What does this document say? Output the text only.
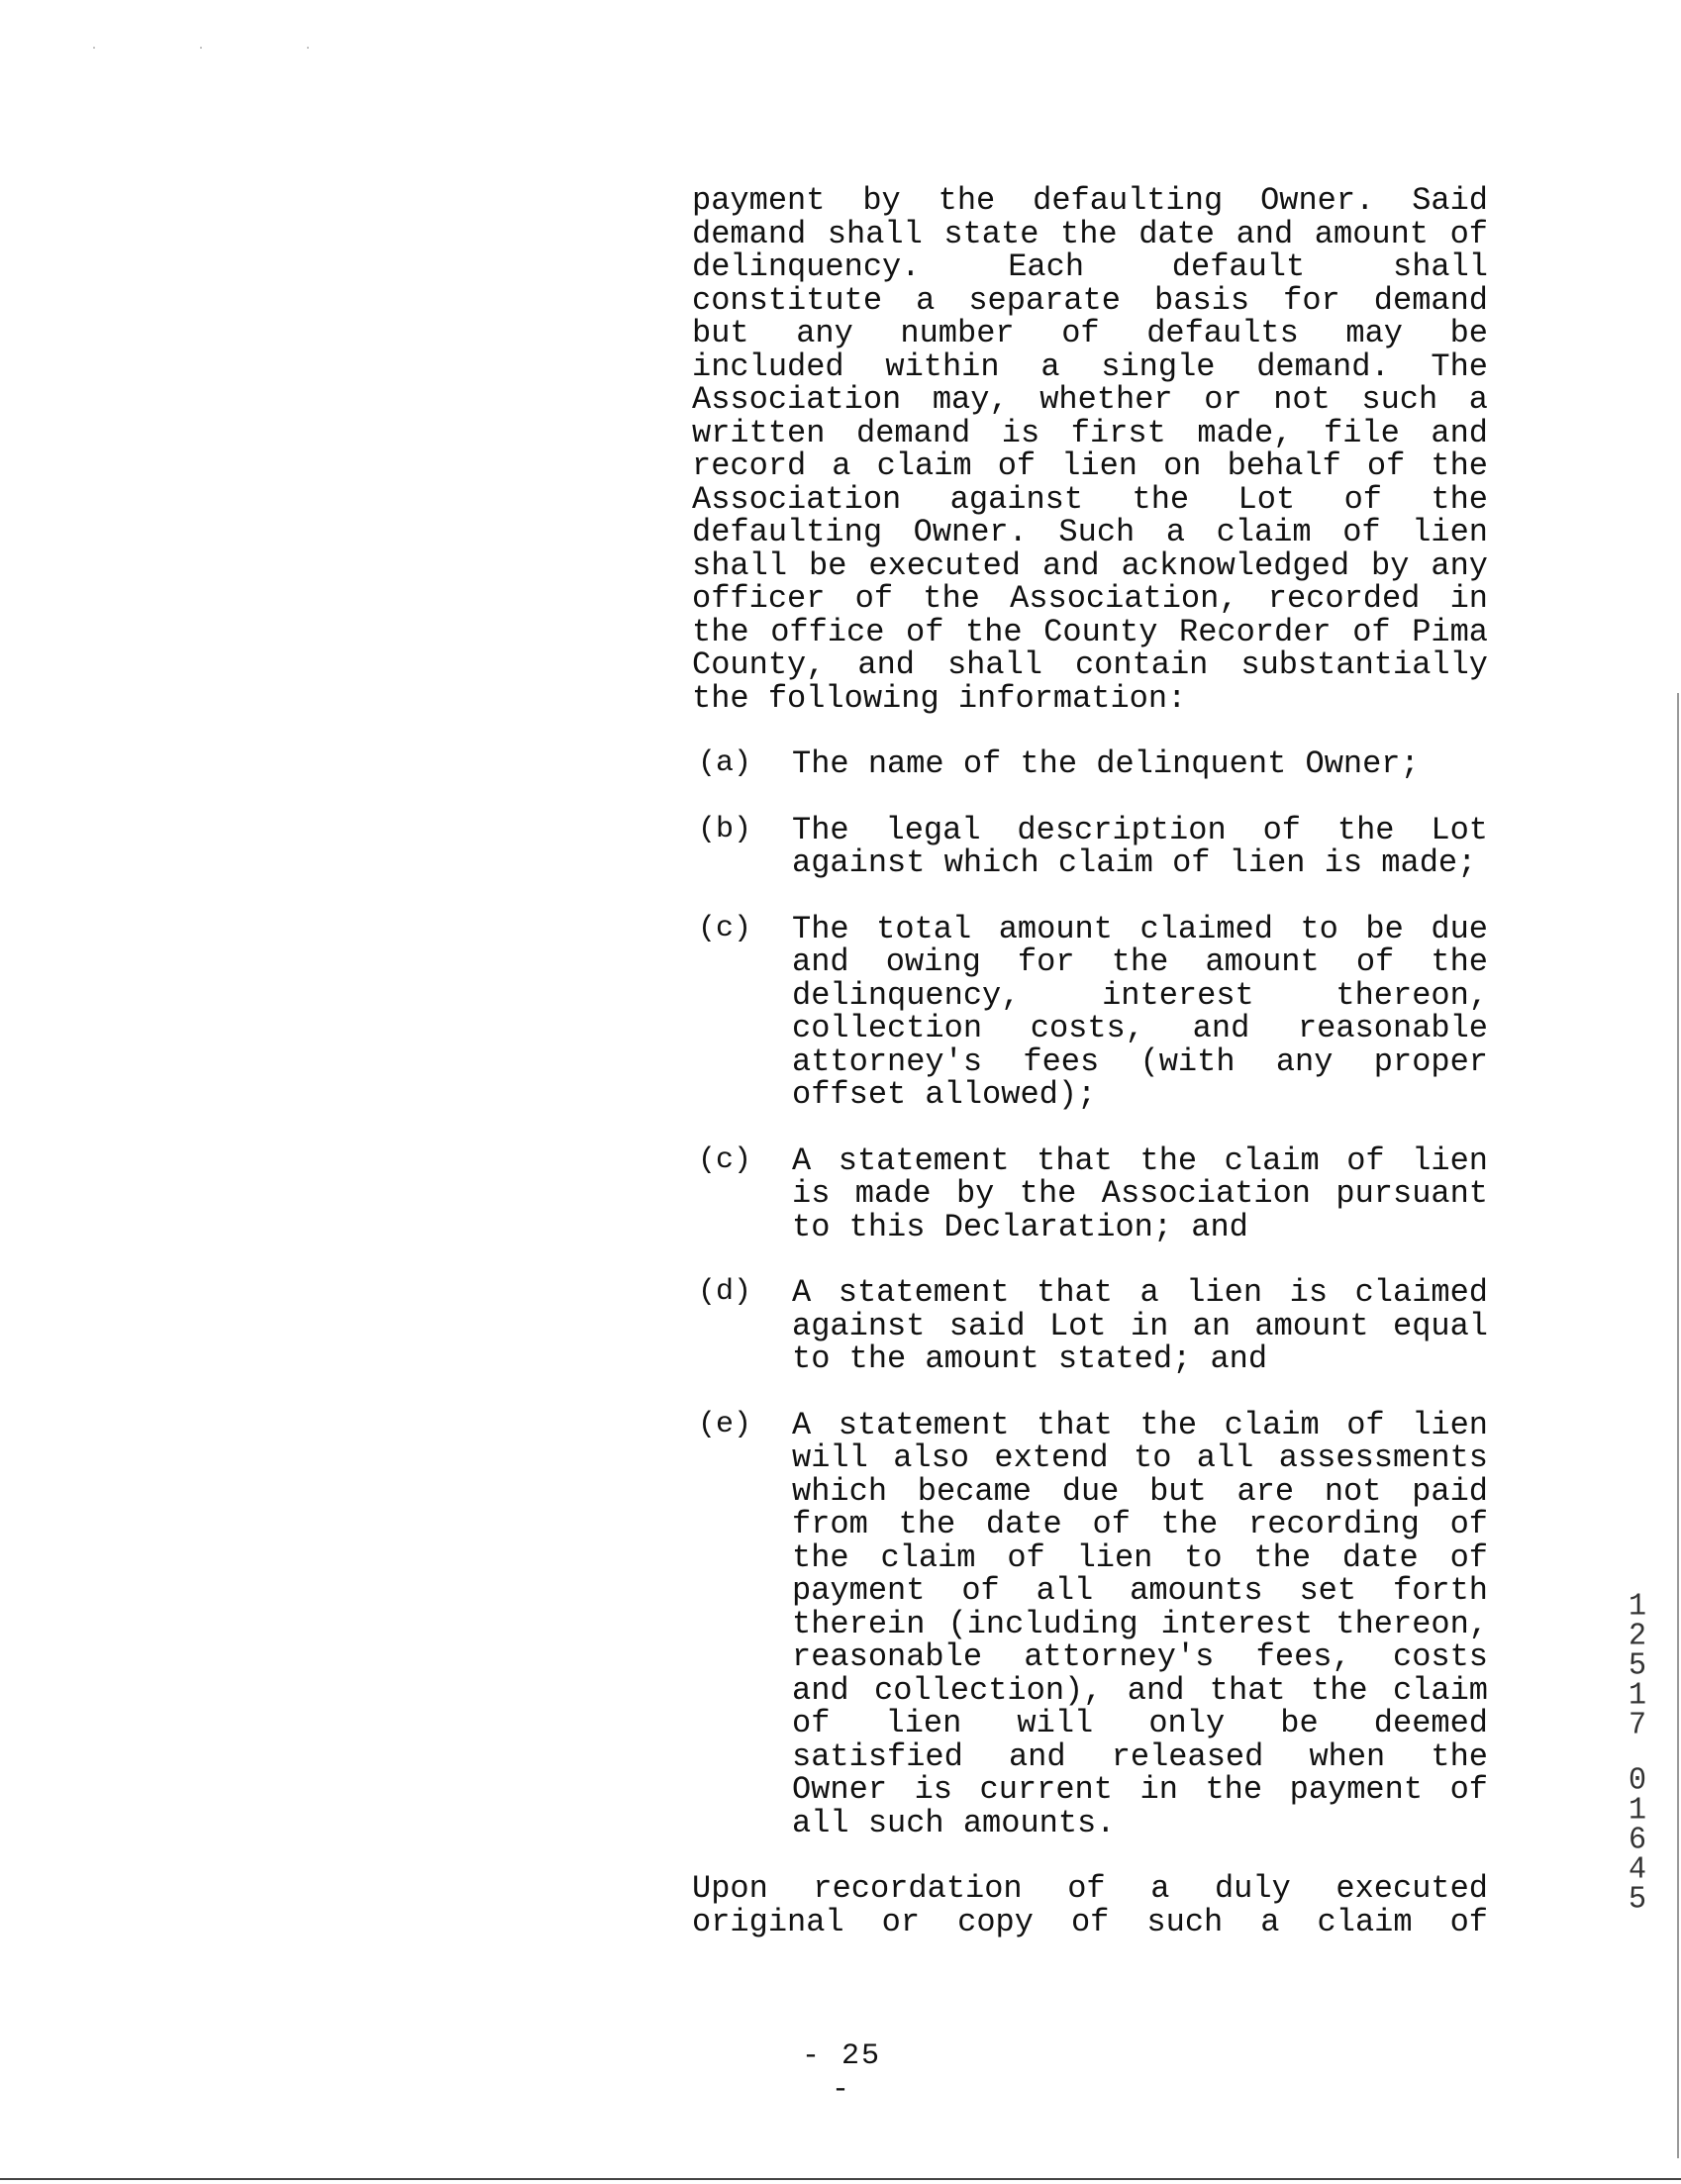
· · ·

payment by the defaulting Owner. Said demand shall state the date and amount of delinquency. Each default shall constitute a separate basis for demand but any number of defaults may be included within a single demand. The Association may, whether or not such a written demand is first made, file and record a claim of lien on behalf of the Association against the Lot of the defaulting Owner. Such a claim of lien shall be executed and acknowledged by any officer of the Association, recorded in the office of the County Recorder of Pima County, and shall contain substantially the following information:

(a)	The name of the delinquent Owner;
(b)	The legal description of the Lot against which claim of lien is made;
(c)	The total amount claimed to be due and owing for the amount of the delinquency, interest thereon, collection costs, and reasonable attorney's fees (with any proper offset allowed);
(c)	A statement that the claim of lien is made by the Association pursuant to this Declaration; and
(d)	A statement that a lien is claimed against said Lot in an amount equal to the amount stated; and
(e)	A statement that the claim of lien will also extend to all assessments which became due but are not paid from the date of the recording of the claim of lien to the date of payment of all amounts set forth therein (including interest thereon, reasonable attorney's fees, costs and collection), and that the claim of lien will only be deemed satisfied and released when the Owner is current in the payment of all such amounts.

Upon recordation of a duly executed original or copy of such a claim of

- 25 -
1
2
5
1
7
0
1
6
4
5
